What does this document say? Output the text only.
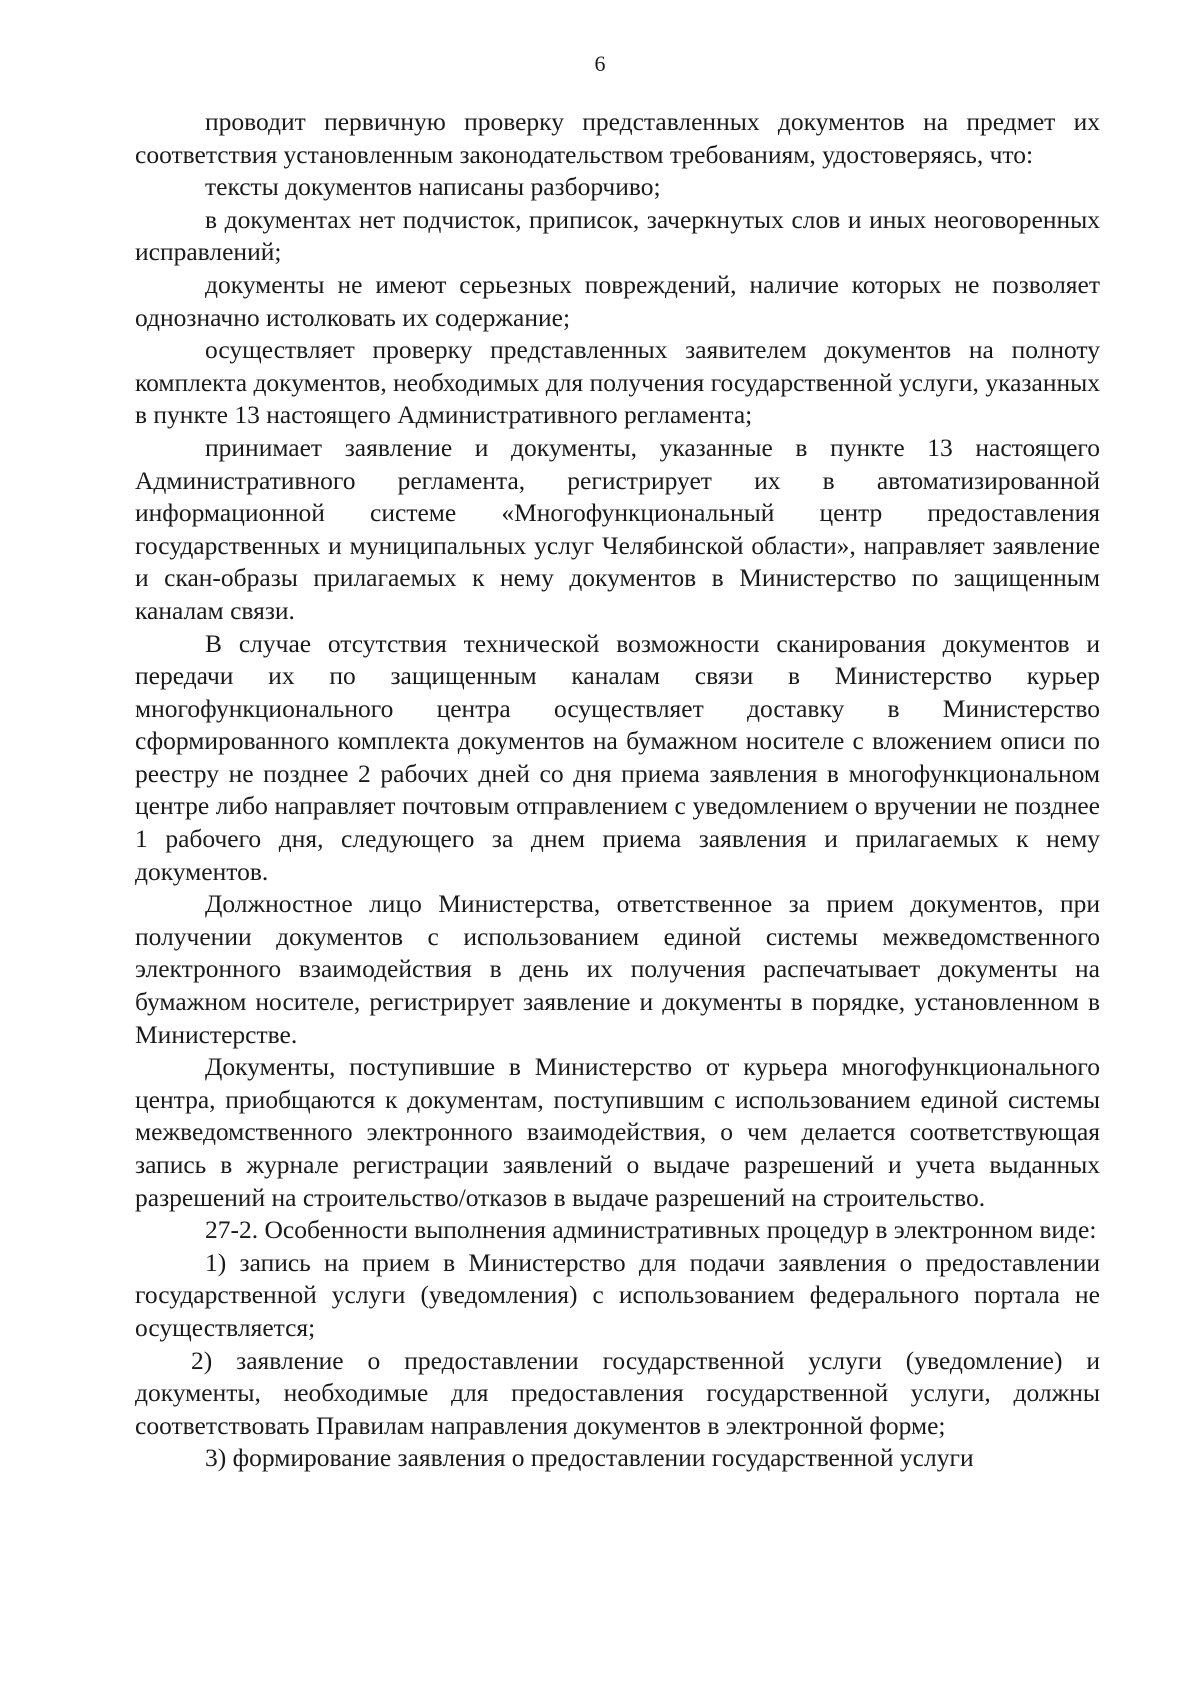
6

проводит первичную проверку представленных документов на предмет их соответствия установленным законодательством требованиям, удостоверяясь, что:

тексты документов написаны разборчиво;

в документах нет подчисток, приписок, зачеркнутых слов и иных неоговоренных исправлений;

документы не имеют серьезных повреждений, наличие которых не позволяет однозначно истолковать их содержание;

осуществляет проверку представленных заявителем документов на полноту комплекта документов, необходимых для получения государственной услуги, указанных в пункте 13 настоящего Административного регламента;

принимает заявление и документы, указанные в пункте 13 настоящего Административного регламента, регистрирует их в автоматизированной информационной системе «Многофункциональный центр предоставления государственных и муниципальных услуг Челябинской области», направляет заявление и скан-образы прилагаемых к нему документов в Министерство по защищенным каналам связи.

В случае отсутствия технической возможности сканирования документов и передачи их по защищенным каналам связи в Министерство курьер многофункционального центра осуществляет доставку в Министерство сформированного комплекта документов на бумажном носителе с вложением описи по реестру не позднее 2 рабочих дней со дня приема заявления в многофункциональном центре либо направляет почтовым отправлением с уведомлением о вручении не позднее 1 рабочего дня, следующего за днем приема заявления и прилагаемых к нему документов.

Должностное лицо Министерства, ответственное за прием документов, при получении документов с использованием единой системы межведомственного электронного взаимодействия в день их получения распечатывает документы на бумажном носителе, регистрирует заявление и документы в порядке, установленном в Министерстве.

Документы, поступившие в Министерство от курьера многофункционального центра, приобщаются к документам, поступившим с использованием единой системы межведомственного электронного взаимодействия, о чем делается соответствующая запись в журнале регистрации заявлений о выдаче разрешений и учета выданных разрешений на строительство/отказов в выдаче разрешений на строительство.

27-2. Особенности выполнения административных процедур в электронном виде:

1) запись на прием в Министерство для подачи заявления о предоставлении государственной услуги (уведомления) с использованием федерального портала не осуществляется;

2) заявление о предоставлении государственной услуги (уведомление) и документы, необходимые для предоставления государственной услуги, должны соответствовать Правилам направления документов в электронной форме;

3) формирование заявления о предоставлении государственной услуги
